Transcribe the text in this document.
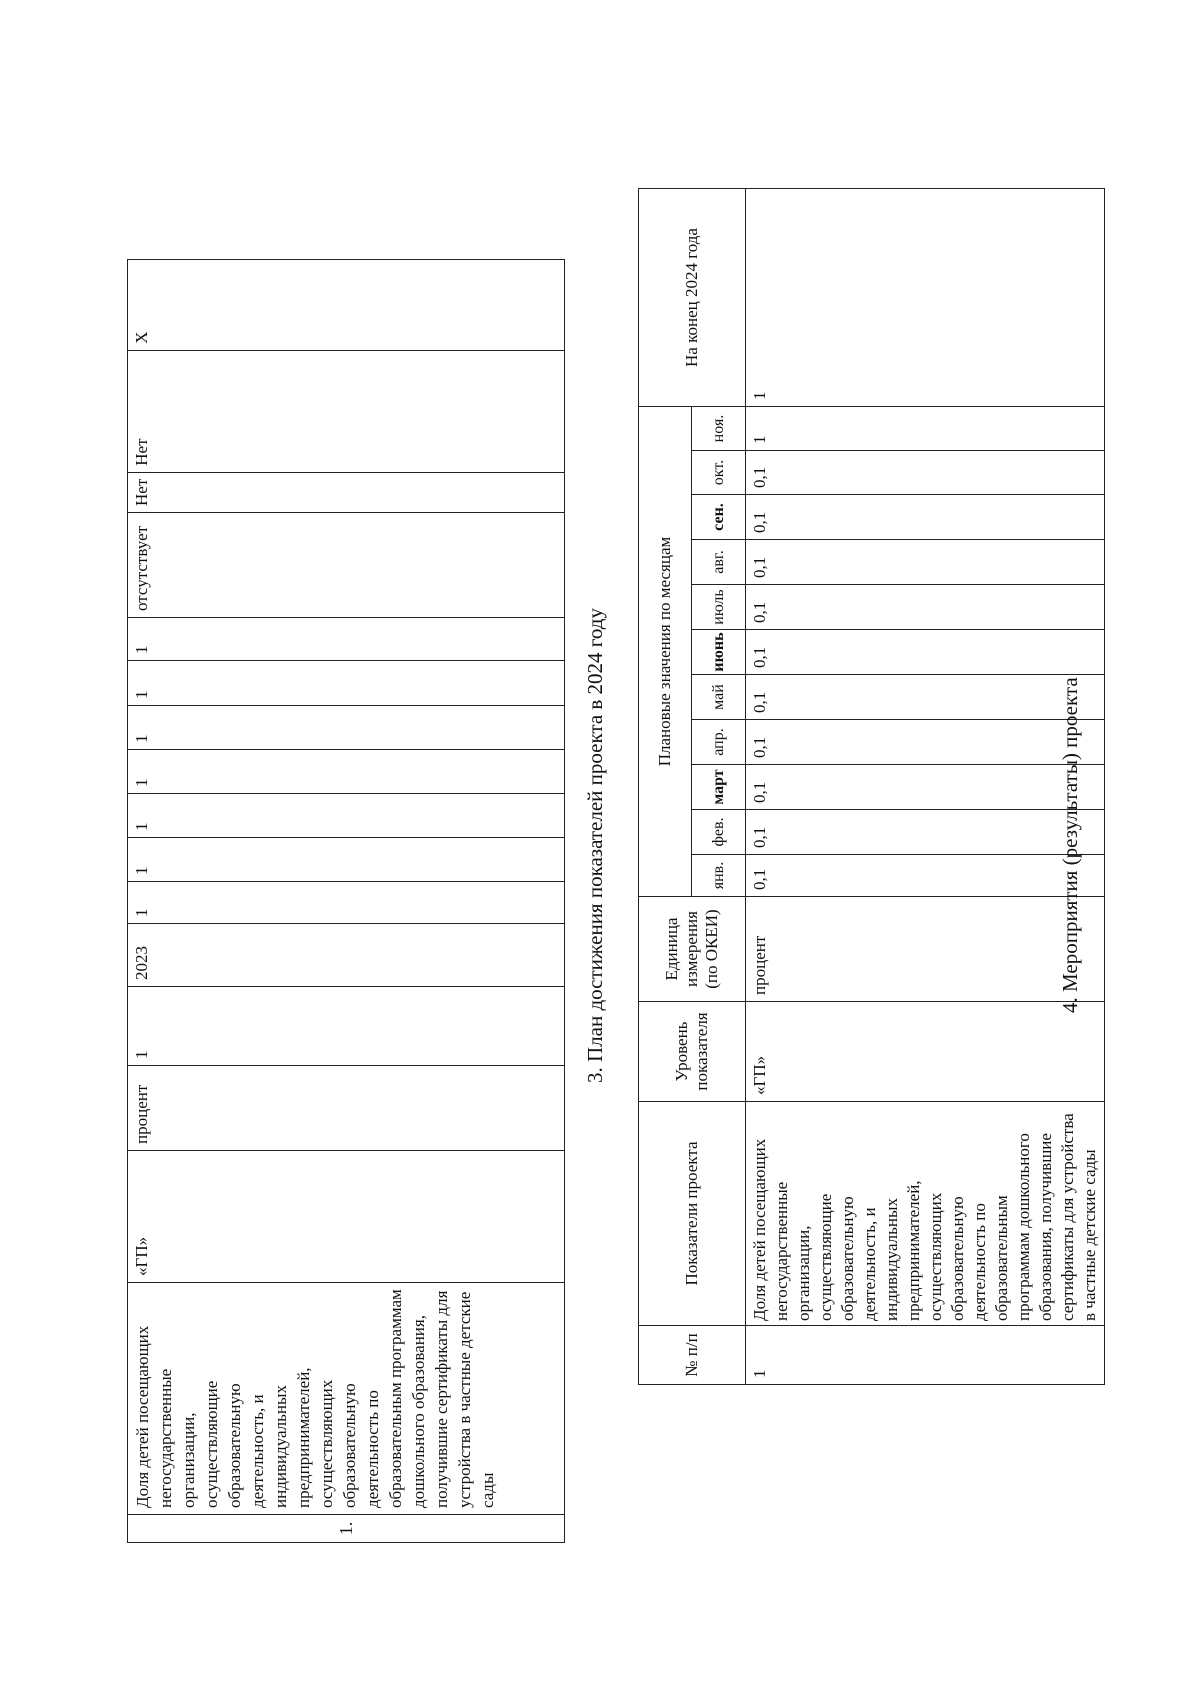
1.	Доля детей посещающих негосударственные организации, осуществляющие образовательную деятельность, и индивидуальных предпринимателей, осуществляющих образовательную деятельность по образовательным программам дошкольного образования, получившие сертификаты для устройства в частные детские сады	«ГП»	процент	1	2023	1	1	1	1	1	1	1	отсутствует	Нет	Нет	Х
3. План достижения показателей проекта в 2024 году
№ п/п	Показатели проекта	Уровень показателя	Единица измерения (по ОКЕИ)	Плановые значения по месяцам											На конец 2024 года
				янв.	фев.	март	апр.	май	июнь	июль	авг.	сен.	окт.	ноя.	
1	Доля детей посещающих негосударственные организации, осуществляющие образовательную деятельность, и индивидуальных предпринимателей, осуществляющих образовательную деятельность по образовательным программам дошкольного образования, получившие сертификаты для устройства в частные детские сады	«ГП»	процент	0,1	0,1	0,1	0,1	0,1	0,1	0,1	0,1	0,1	0,1	1	1
4. Мероприятия (результаты) проекта
